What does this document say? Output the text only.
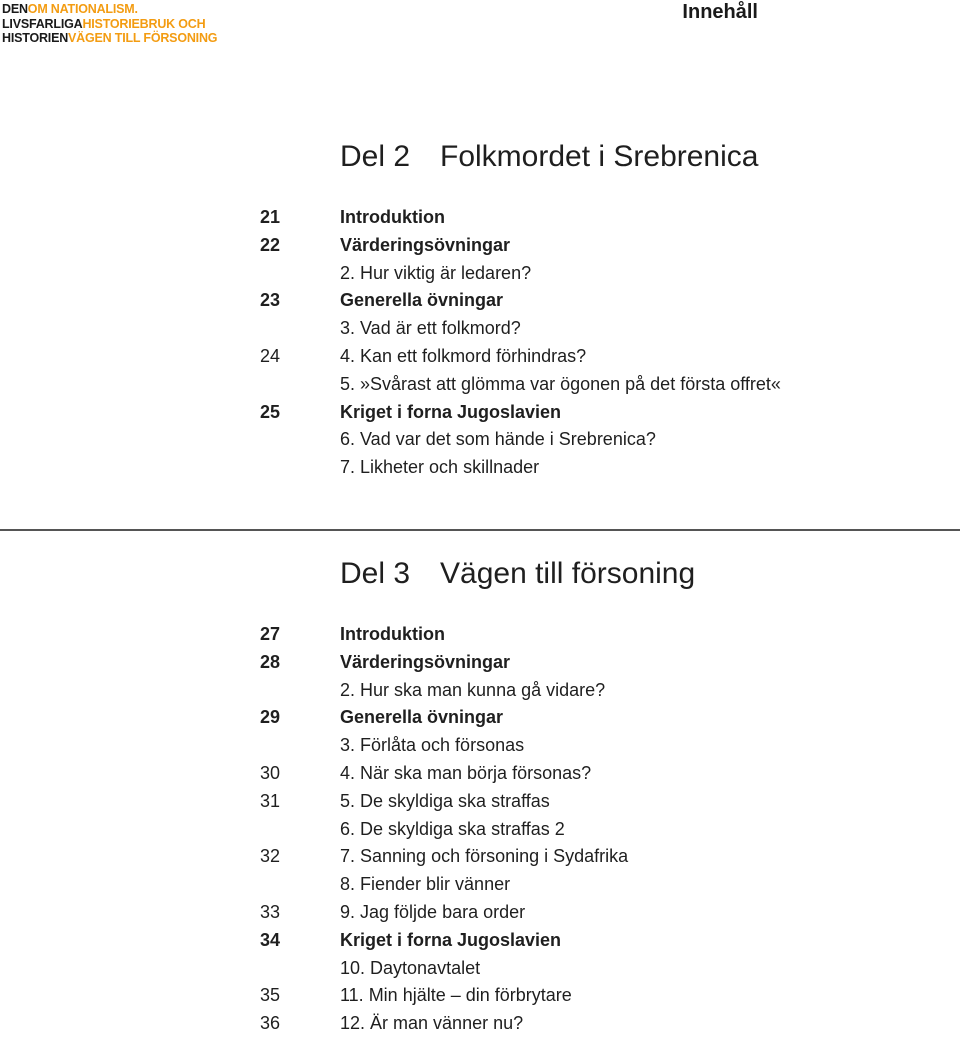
DENOM NATIONALISM.
LIVSFARLIGAHISTORIEBRUK OCH
HISTORIENVÄGEN TILL FÖRSONING
Innehåll
Del 2 Folkmordet i Srebrenica
21	Introduktion
22	Värderingsövningar
2. Hur viktig är ledaren?
23	Generella övningar
3. Vad är ett folkmord?
24	4. Kan ett folkmord förhindras?
5. »Svårast att glömma var ögonen på det första offret«
25	Kriget i forna Jugoslavien
6. Vad var det som hände i Srebrenica?
7. Likheter och skillnader
Del 3 Vägen till försoning
27	Introduktion
28	Värderingsövningar
2. Hur ska man kunna gå vidare?
29	Generella övningar
3. Förlåta och försonas
30	4. När ska man börja försonas?
31	5. De skyldiga ska straffas
6. De skyldiga ska straffas 2
32	7. Sanning och försoning i Sydafrika
8. Fiender blir vänner
33	9. Jag följde bara order
34	Kriget i forna Jugoslavien
10. Daytonavtalet
35	11. Min hjälte – din förbrytare
36	12. Är man vänner nu?
